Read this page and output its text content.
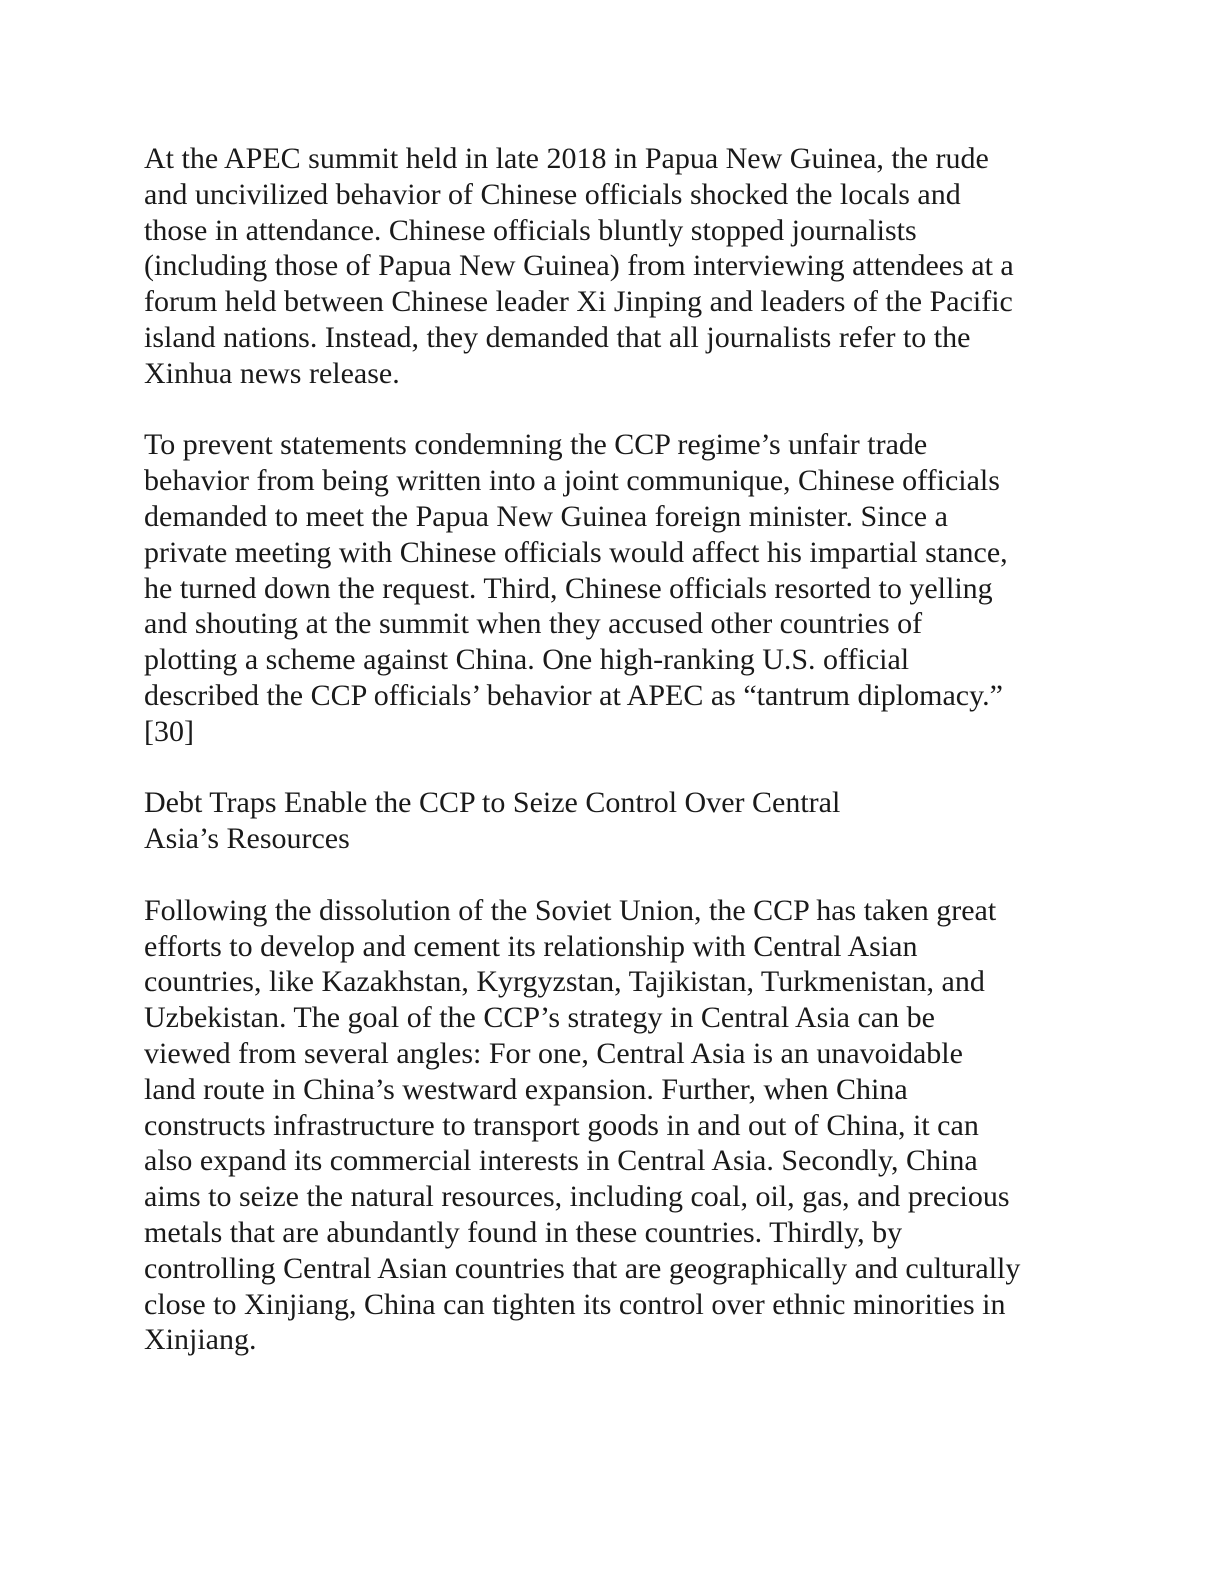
At the APEC summit held in late 2018 in Papua New Guinea, the rude
and uncivilized behavior of Chinese officials shocked the locals and
those in attendance. Chinese officials bluntly stopped journalists
(including those of Papua New Guinea) from interviewing attendees at a
forum held between Chinese leader Xi Jinping and leaders of the Pacific
island nations. Instead, they demanded that all journalists refer to the
Xinhua news release.
To prevent statements condemning the CCP regime’s unfair trade
behavior from being written into a joint communique, Chinese officials
demanded to meet the Papua New Guinea foreign minister. Since a
private meeting with Chinese officials would affect his impartial stance,
he turned down the request. Third, Chinese officials resorted to yelling
and shouting at the summit when they accused other countries of
plotting a scheme against China. One high-ranking U.S. official
described the CCP officials’ behavior at APEC as “tantrum diplomacy.”
[30]
Debt Traps Enable the CCP to Seize Control Over Central
Asia’s Resources
Following the dissolution of the Soviet Union, the CCP has taken great
efforts to develop and cement its relationship with Central Asian
countries, like Kazakhstan, Kyrgyzstan, Tajikistan, Turkmenistan, and
Uzbekistan. The goal of the CCP’s strategy in Central Asia can be
viewed from several angles: For one, Central Asia is an unavoidable
land route in China’s westward expansion. Further, when China
constructs infrastructure to transport goods in and out of China, it can
also expand its commercial interests in Central Asia. Secondly, China
aims to seize the natural resources, including coal, oil, gas, and precious
metals that are abundantly found in these countries. Thirdly, by
controlling Central Asian countries that are geographically and culturally
close to Xinjiang, China can tighten its control over ethnic minorities in
Xinjiang.
